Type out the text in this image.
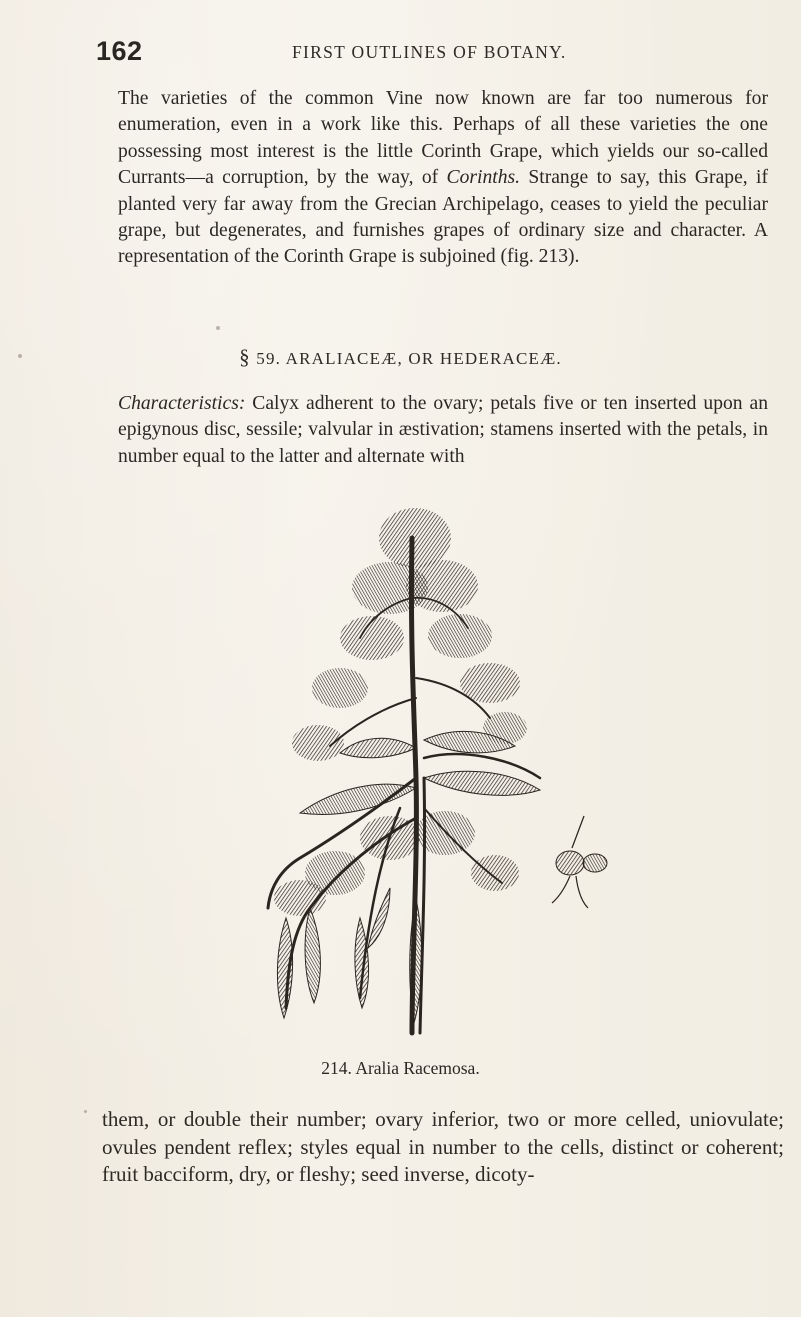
162	FIRST OUTLINES OF BOTANY.
The varieties of the common Vine now known are far too numerous for enumeration, even in a work like this. Perhaps of all these varieties the one possessing most interest is the little Corinth Grape, which yields our so-called Currants—a corruption, by the way, of Corinths. Strange to say, this Grape, if planted very far away from the Grecian Archipelago, ceases to yield the peculiar grape, but degenerates, and furnishes grapes of ordinary size and character. A representation of the Corinth Grape is subjoined (fig. 213).
§ 59. ARALIACEÆ, OR HEDERACEÆ.
Characteristics: Calyx adherent to the ovary; petals five or ten inserted upon an epigynous disc, sessile; valvular in æstivation; stamens inserted with the petals, in number equal to the latter and alternate with
214. Aralia Racemosa.
them, or double their number; ovary inferior, two or more celled, uniovulate; ovules pendent reflex; styles equal in number to the cells, distinct or coherent; fruit bacciform, dry, or fleshy; seed inverse, dicoty-
